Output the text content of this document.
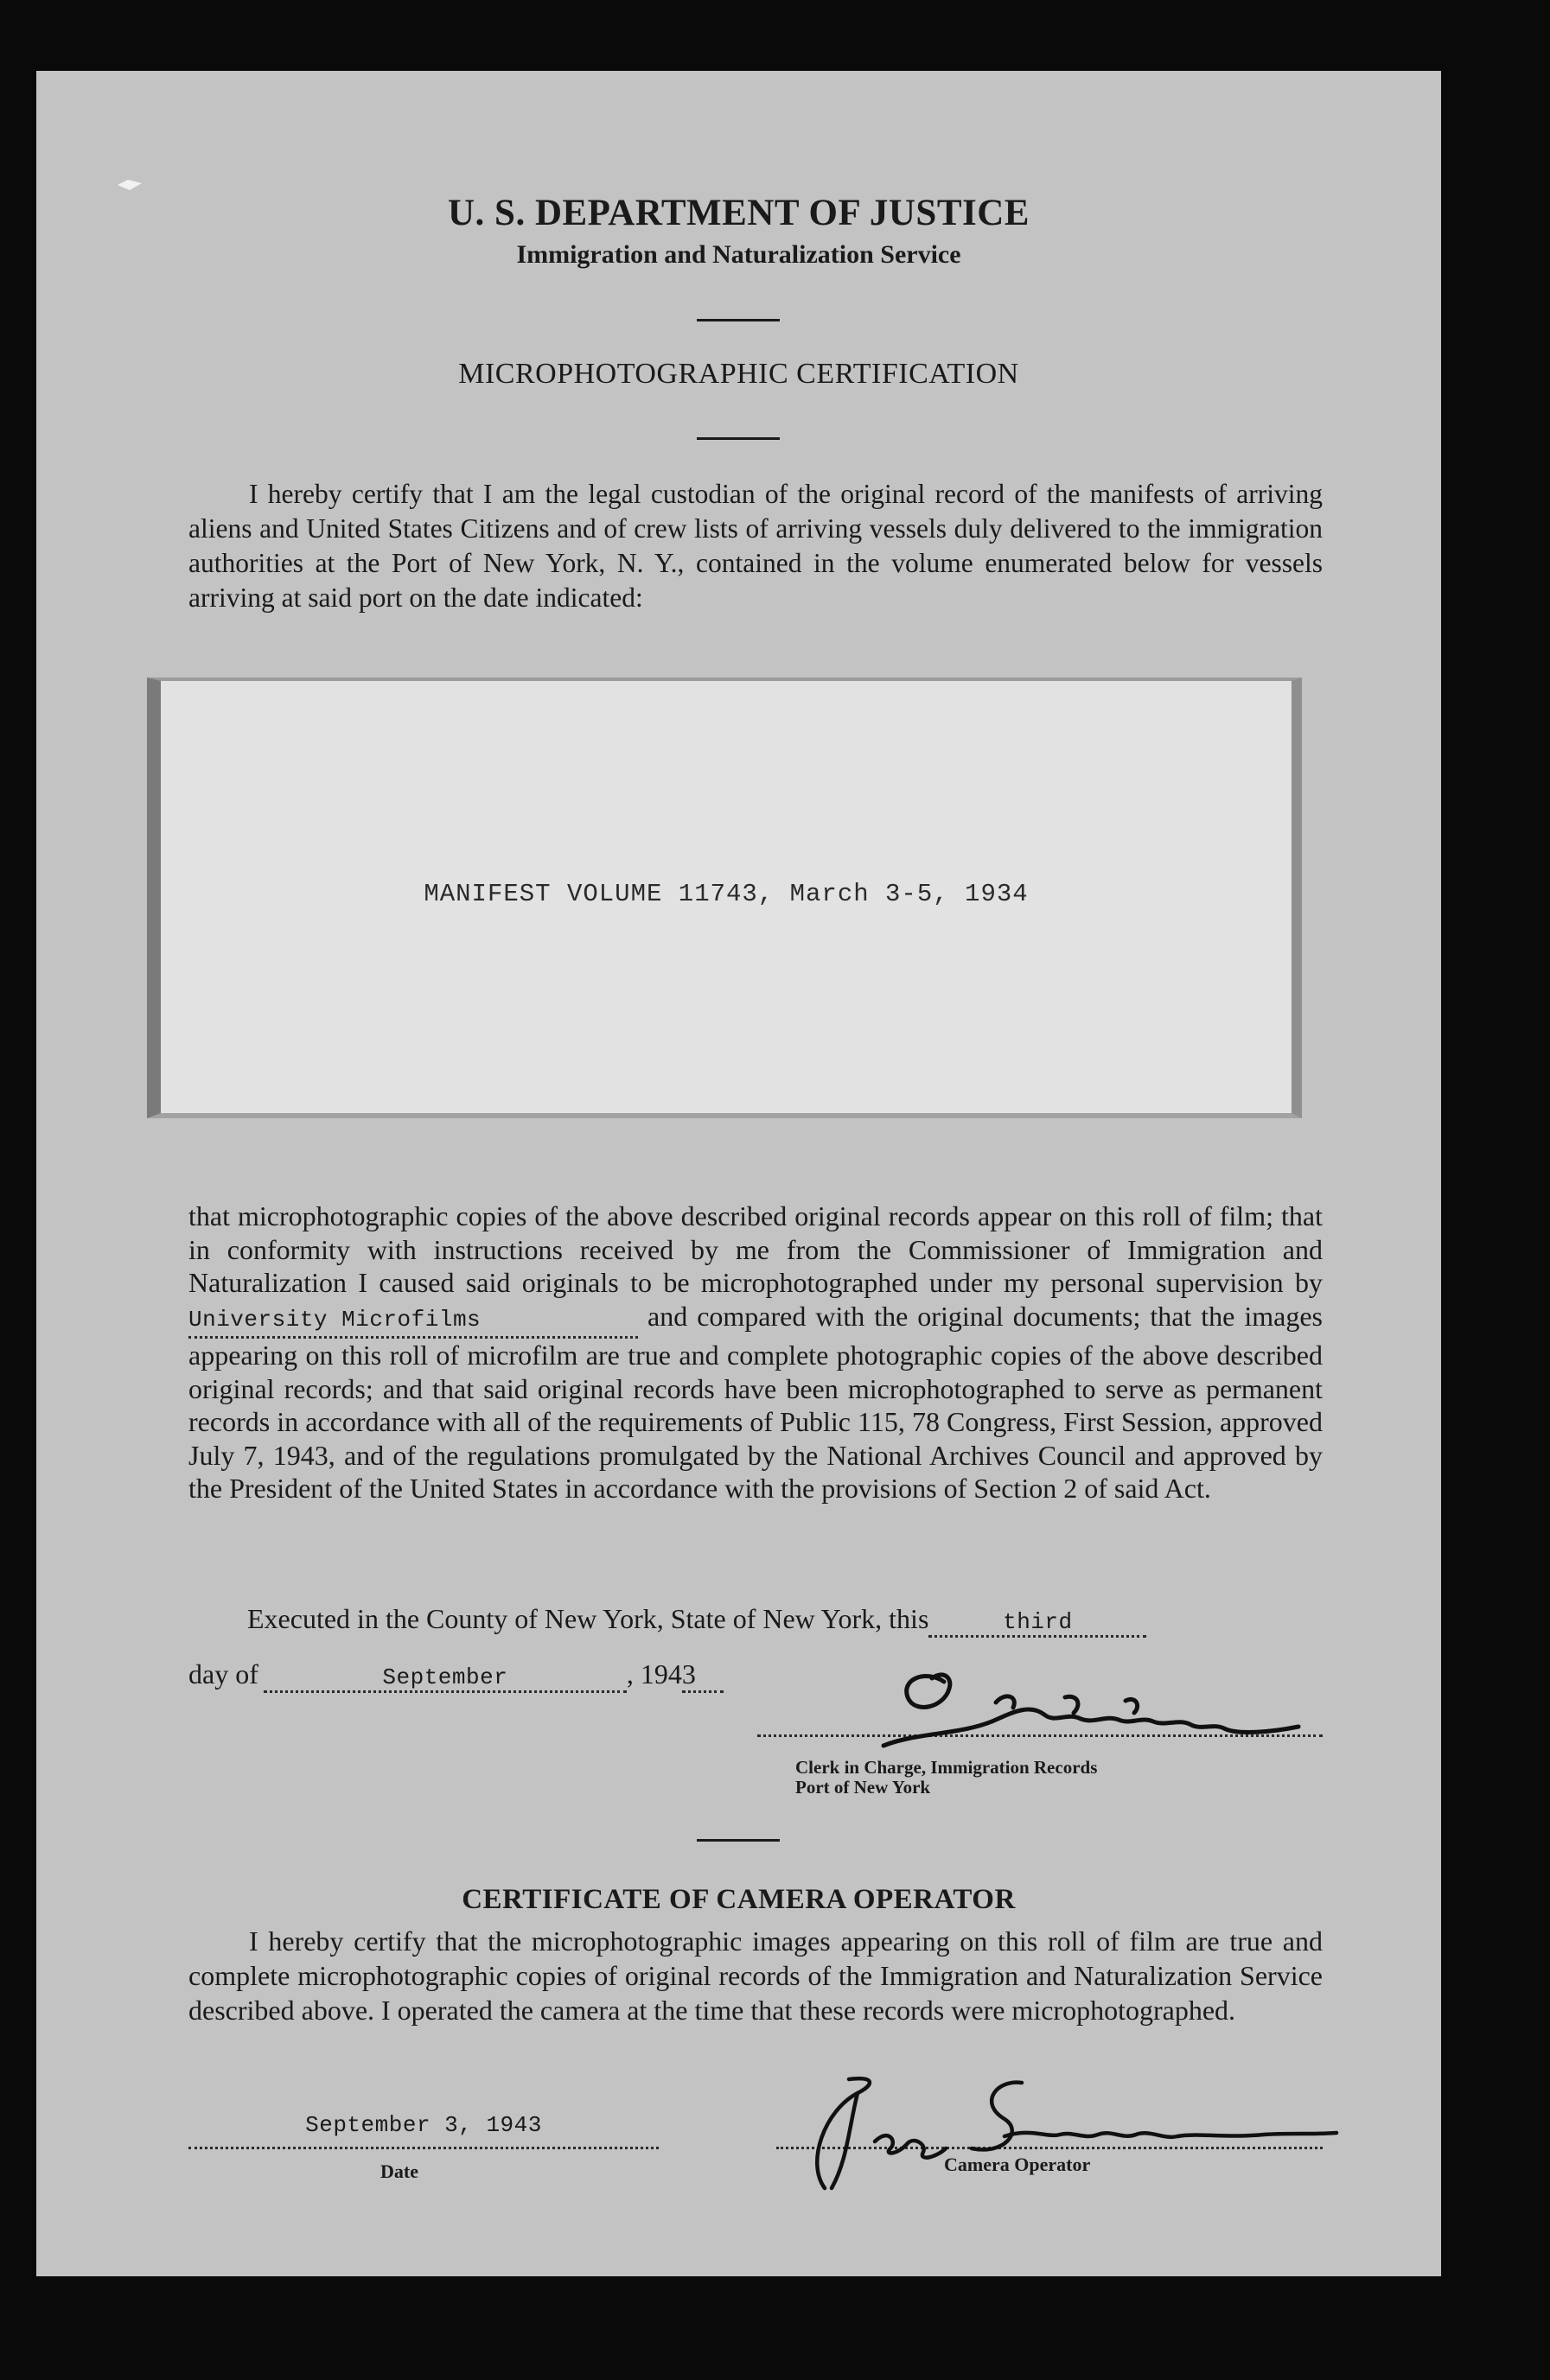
U. S. DEPARTMENT OF JUSTICE
Immigration and Naturalization Service
MICROPHOTOGRAPHIC CERTIFICATION
I hereby certify that I am the legal custodian of the original record of the manifests of arriving aliens and United States Citizens and of crew lists of arriving vessels duly delivered to the immigration authorities at the Port of New York, N. Y., contained in the volume enumerated below for vessels arriving at said port on the date indicated:
MANIFEST VOLUME 11743, March 3-5, 1934
that microphotographic copies of the above described original records appear on this roll of film; that in conformity with instructions received by me from the Commissioner of Immigration and Naturalization I caused said originals to be microphotographed under my personal supervision byUniversity Microfilms	and compared with the original documents; that the images appearing on this roll of microfilm are true and complete photographic copies of the above described original records; and that said original records have been microphotographed to serve as permanent records in accordance with all of the requirements of Public 115, 78 Congress, First Session, approved July 7, 1943, and of the regulations promulgated by the National Archives Council and approved by the President of the United States in accordance with the provisions of Section 2 of said Act.
Executed in the County of New York, State of New York, this	third
day of	September	, 1943
Clerk in Charge, Immigration Records
Port of New York
CERTIFICATE OF CAMERA OPERATOR
I hereby certify that the microphotographic images appearing on this roll of film are true and complete microphotographic copies of original records of the Immigration and Naturalization Service described above. I operated the camera at the time that these records were microphotographed.
September 3, 1943
Date	Camera Operator
